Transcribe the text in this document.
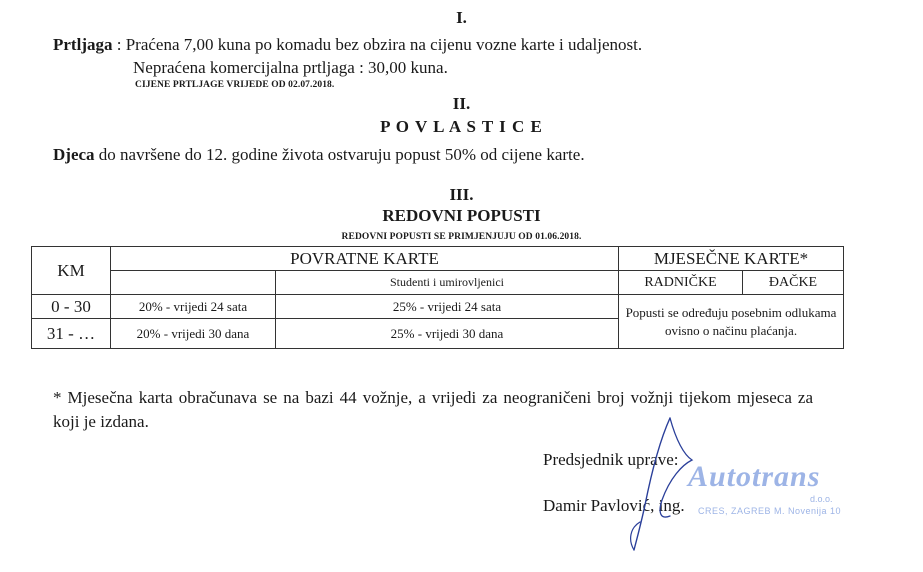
I.
Prtljaga : Praćena 7,00 kuna po komadu bez obzira na cijenu vozne karte i udaljenost.
Nepraćena komercijalna prtljaga : 30,00 kuna.
CIJENE PRTLJAGE VRIJEDE OD 02.07.2018.
II.
P O V L A S T I C E
Djeca do navršene do 12. godine života ostvaruju popust 50% od cijene karte.
III.
REDOVNI POPUSTI
REDOVNI POPUSTI SE PRIMJENJUJU OD 01.06.2018.
KM	POVRATNE KARTE		MJESEČNE KARTE*	
		Studenti i umirovljenici	RADNIČKE	ĐAČKE
0 - 30	20% - vrijedi 24 sata	25% - vrijedi 24 sata	Popusti se određuju posebnim odlukama ovisno o načinu plaćanja.	
31 - …	20% - vrijedi 30 dana	25% - vrijedi 30 dana		
* Mjesečna karta obračunava se na bazi 44 vožnje, a vrijedi za neograničeni broj vožnji tijekom mjeseca za koji je izdana.
Autotrans
d.o.o.
CRES, ZAGREB M. Novenija 10
Predsjednik uprave:
Damir Pavlović, ing.
